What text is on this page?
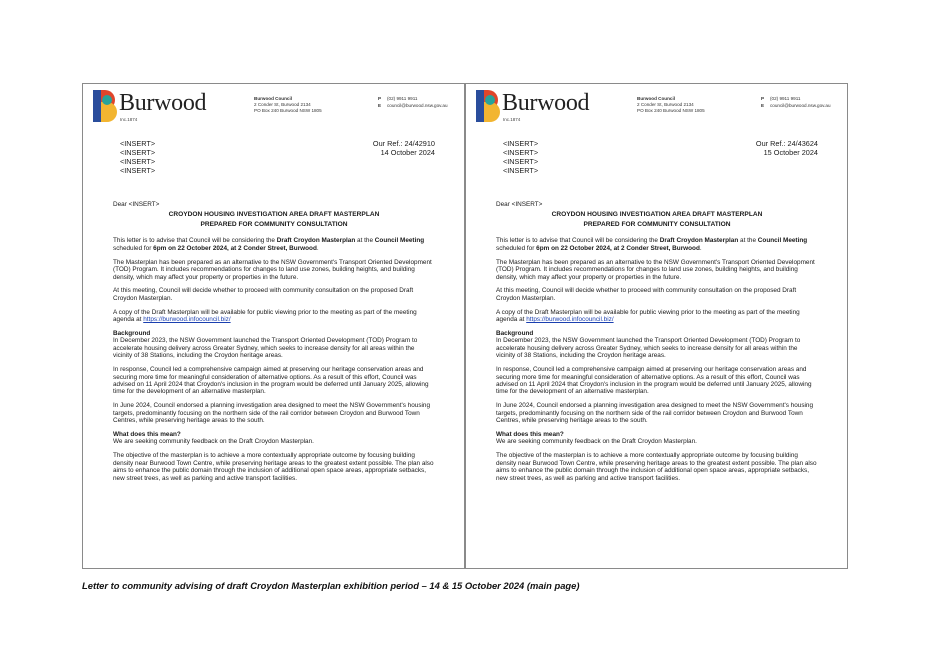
Burwood
Inc.1874
Burwood Council
2 Conder St, Burwood 2134
PO Box 240 Burwood NSW 1805
P (02) 9911 9911
E council@burwood.nsw.gov.au
<INSERT>
<INSERT>
<INSERT>
<INSERT>
Our Ref.: 24/42910
14 October 2024

Dear <INSERT>

CROYDON HOUSING INVESTIGATION AREA DRAFT MASTERPLAN

PREPARED FOR COMMUNITY CONSULTATION

This letter is to advise that Council will be considering the Draft Croydon Masterplan at the Council Meeting scheduled for 6pm on 22 October 2024, at 2 Conder Street, Burwood.

The Masterplan has been prepared as an alternative to the NSW Government's Transport Oriented Development (TOD) Program. It includes recommendations for changes to land use zones, building heights, and building density, which may affect your property or properties in the future.

At this meeting, Council will decide whether to proceed with community consultation on the proposed Draft Croydon Masterplan.

A copy of the Draft Masterplan will be available for public viewing prior to the meeting as part of the meeting agenda at https://burwood.infocouncil.biz/

Background

In December 2023, the NSW Government launched the Transport Oriented Development (TOD) Program to accelerate housing delivery across Greater Sydney, which seeks to increase density for all areas within the vicinity of 38 Stations, including the Croydon heritage areas.

In response, Council led a comprehensive campaign aimed at preserving our heritage conservation areas and securing more time for meaningful consideration of alternative options. As a result of this effort, Council was advised on 11 April 2024 that Croydon's inclusion in the program would be deferred until January 2025, allowing time for the development of an alternative masterplan.

In June 2024, Council endorsed a planning investigation area designed to meet the NSW Government's housing targets, predominantly focusing on the northern side of the rail corridor between Croydon and Burwood Town Centres, while preserving heritage areas to the south.

What does this mean?

We are seeking community feedback on the Draft Croydon Masterplan.

The objective of the masterplan is to achieve a more contextually appropriate outcome by focusing building density near Burwood Town Centre, while preserving heritage areas to the greatest extent possible. The plan also aims to enhance the public domain through the inclusion of additional open space areas, appropriate setbacks, new street trees, as well as parking and active transport facilities.

Burwood
Inc.1874
Burwood Council
2 Conder St, Burwood 2134
PO Box 240 Burwood NSW 1805
P (02) 9911 9911
E council@burwood.nsw.gov.au
<INSERT>
<INSERT>
<INSERT>
<INSERT>
Our Ref.: 24/43624
15 October 2024

Dear <INSERT>

CROYDON HOUSING INVESTIGATION AREA DRAFT MASTERPLAN

PREPARED FOR COMMUNITY CONSULTATION

This letter is to advise that Council will be considering the Draft Croydon Masterplan at the Council Meeting scheduled for 6pm on 22 October 2024, at 2 Conder Street, Burwood.

The Masterplan has been prepared as an alternative to the NSW Government's Transport Oriented Development (TOD) Program. It includes recommendations for changes to land use zones, building heights, and building density, which may affect your property or properties in the future.

At this meeting, Council will decide whether to proceed with community consultation on the proposed Draft Croydon Masterplan.

A copy of the Draft Masterplan will be available for public viewing prior to the meeting as part of the meeting agenda at https://burwood.infocouncil.biz/

Background

In December 2023, the NSW Government launched the Transport Oriented Development (TOD) Program to accelerate housing delivery across Greater Sydney, which seeks to increase density for all areas within the vicinity of 38 Stations, including the Croydon heritage areas.

In response, Council led a comprehensive campaign aimed at preserving our heritage conservation areas and securing more time for meaningful consideration of alternative options. As a result of this effort, Council was advised on 11 April 2024 that Croydon's inclusion in the program would be deferred until January 2025, allowing time for the development of an alternative masterplan.

In June 2024, Council endorsed a planning investigation area designed to meet the NSW Government's housing targets, predominantly focusing on the northern side of the rail corridor between Croydon and Burwood Town Centres, while preserving heritage areas to the south.

What does this mean?

We are seeking community feedback on the Draft Croydon Masterplan.

The objective of the masterplan is to achieve a more contextually appropriate outcome by focusing building density near Burwood Town Centre, while preserving heritage areas to the greatest extent possible. The plan also aims to enhance the public domain through the inclusion of additional open space areas, appropriate setbacks, new street trees, as well as parking and active transport facilities.

Letter to community advising of draft Croydon Masterplan exhibition period – 14 & 15 October 2024 (main page)
